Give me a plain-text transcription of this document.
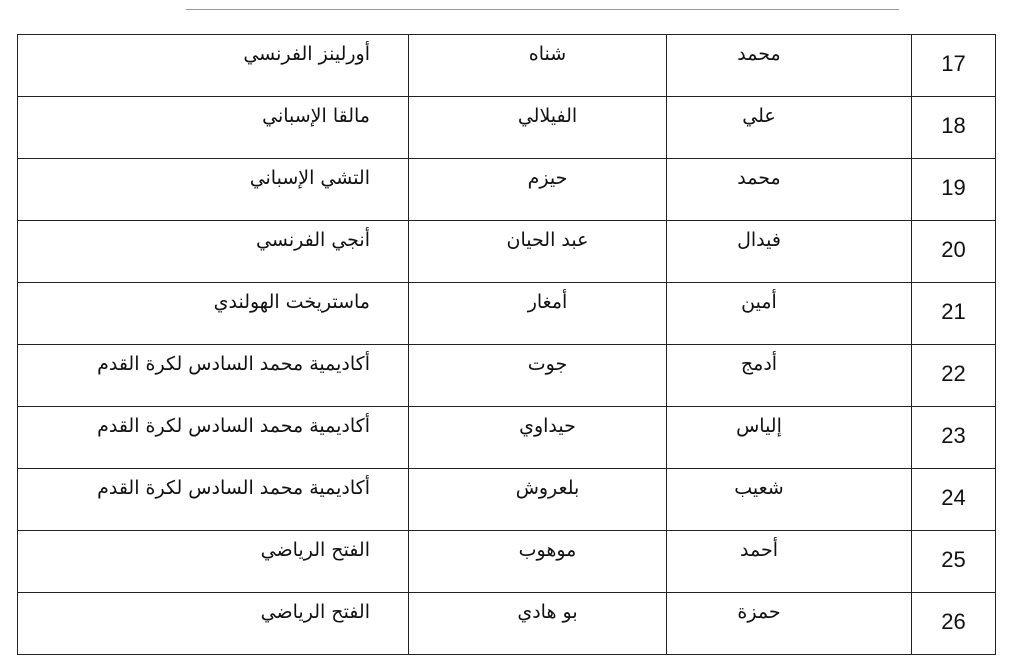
أورلينز الفرنسي	شناه	محمد	17

مالقا الإسباني	الفيلالي	علي	18

التشي الإسباني	حيزم	محمد	19

أنجي الفرنسي	عبد الحيان	فيدال	20

ماستريخت الهولندي	أمغار	أمين	21

أكاديمية محمد السادس لكرة القدم	جوت	أدمج	22

أكاديمية محمد السادس لكرة القدم	حيداوي	إلياس	23

أكاديمية محمد السادس لكرة القدم	بلعروش	شعيب	24

الفتح الرياضي	موهوب	أحمد	25

الفتح الرياضي	بو هادي	حمزة	26
